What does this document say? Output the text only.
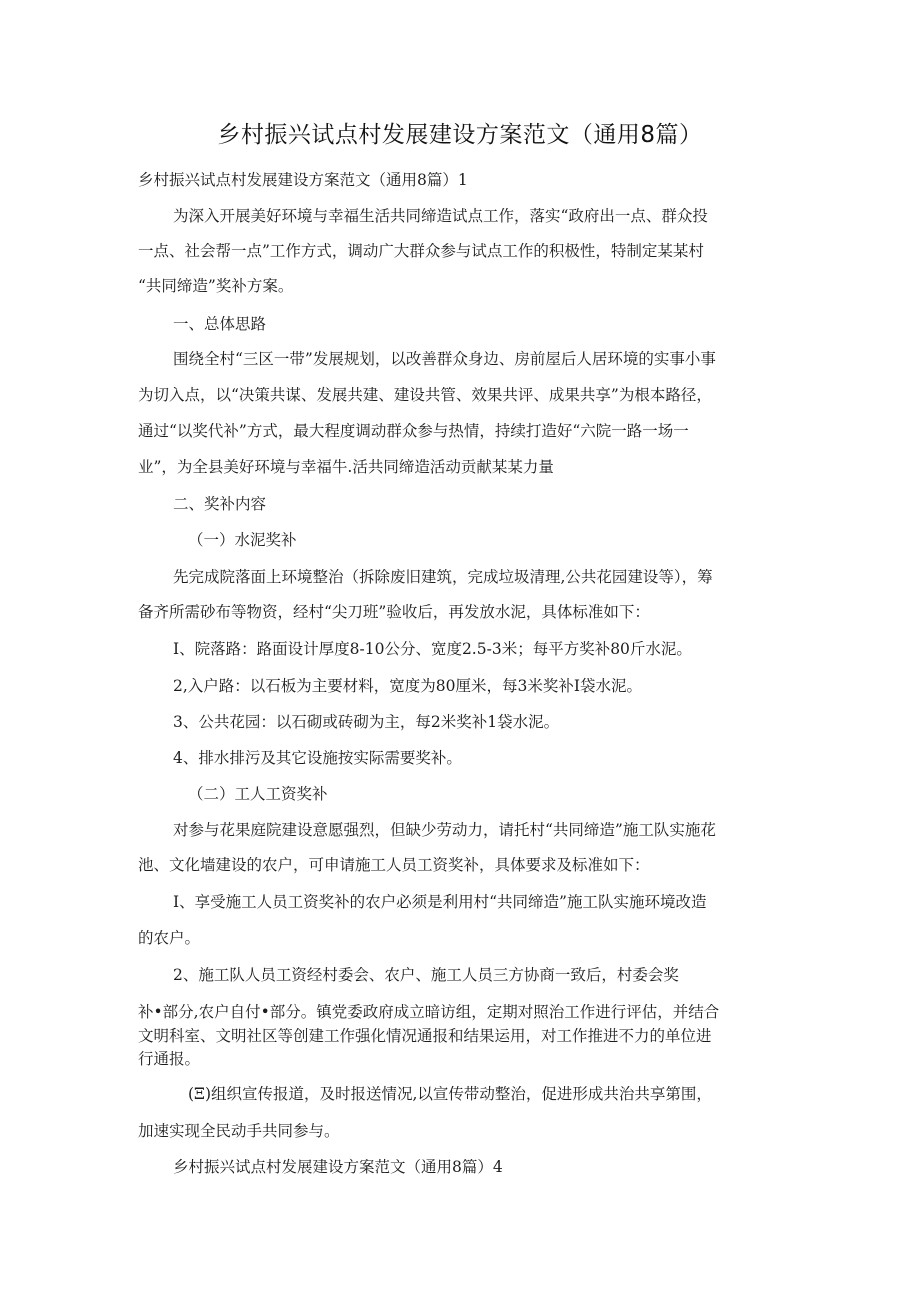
乡村振兴试点村发展建设方案范文（通用8篇）
乡村振兴试点村发展建设方案范文（通用8篇）1
为深入开展美好环境与幸福生活共同缔造试点工作，落实“政府出一点、群众投
一点、社会帮一点”工作方式，调动广大群众参与试点工作的积极性，特制定某某村
“共同缔造”奖补方案。
一、总体思路
围绕全村“三区一带”发展规划，以改善群众身边、房前屋后人居环境的实事小事
为切入点，以“决策共谋、发展共建、建设共管、效果共评、成果共享”为根本路径，
通过“以奖代补”方式，最大程度调动群众参与热情，持续打造好“六院一路一场一
业”，为全县美好环境与幸福牛.活共同缔造活动贡献某某力量
二、奖补内容
（一）水泥奖补
先完成院落面上环境整治（拆除废旧建筑，完成垃圾清理,公共花园建设等），筹
备齐所需砂布等物资，经村“尖刀班”验收后，再发放水泥，具体标准如下：
I、院落路：路面设计厚度8-10公分、宽度2.5-3米；每平方奖补80斤水泥。
2,入户路：以石板为主要材料，宽度为80厘米，每3米奖补I袋水泥。
3、公共花园：以石砌或砖砌为主，每2米奖补1袋水泥。
4、排水排污及其它设施按实际需要奖补。
（二）工人工资奖补
对参与花果庭院建设意愿强烈，但缺少劳动力，请托村“共同缔造”施工队实施花
池、文化墙建设的农户，可申请施工人员工资奖补，具体要求及标准如下：
I、享受施工人员工资奖补的农户必须是利用村“共同缔造”施工队实施环境改造
的农户。
2、施工队人员工资经村委会、农户、施工人员三方协商一致后，村委会奖
补•部分,农户自付•部分。镇党委政府成立暗访组，定期对照治工作进行评估，并结合
文明科室、文明社区等创建工作强化情况通报和结果运用，对工作推进不力的单位进
行通报。
(Ξ)组织宣传报道，及时报送情况,以宣传带动整治，促进形成共治共享第围，
加速实现全民动手共同参与。
乡村振兴试点村发展建设方案范文（通用8篇）4
